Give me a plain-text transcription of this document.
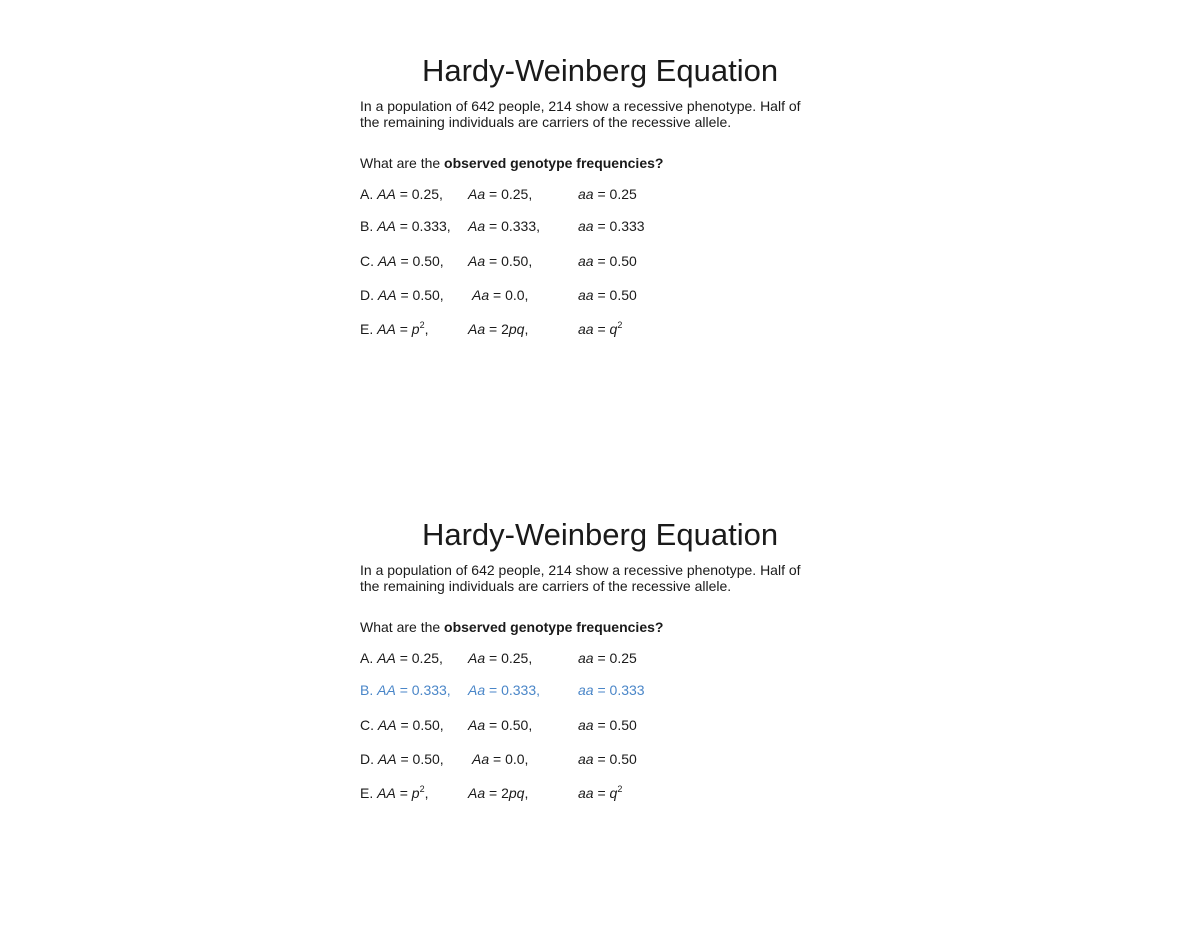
Hardy-Weinberg Equation

In a population of 642 people, 214 show a recessive phenotype. Half of
the remaining individuals are carriers of the recessive allele.

What are the observed genotype frequencies?
A. AA = 0.25, Aa = 0.25,	aa = 0.25
B. AA = 0.333, Aa = 0.333,	aa = 0.333
C. AA = 0.50, Aa = 0.50,	aa = 0.50
D. AA = 0.50, Aa = 0.0,	aa = 0.50
E. AA = $p^2$,	Aa = 2pq,	aa = $q^2$
Hardy-Weinberg Equation

In a population of 642 people, 214 show a recessive phenotype. Half of
the remaining individuals are carriers of the recessive allele.

What are the observed genotype frequencies?
A. AA = 0.25, Aa = 0.25,	aa = 0.25
B. AA = 0.333, Aa = 0.333,	aa = 0.333
C. AA = 0.50, Aa = 0.50,	aa = 0.50
D. AA = 0.50, Aa = 0.0,	aa = 0.50
E. AA = $p^2$,	Aa = 2pq,	aa = $q^2$
